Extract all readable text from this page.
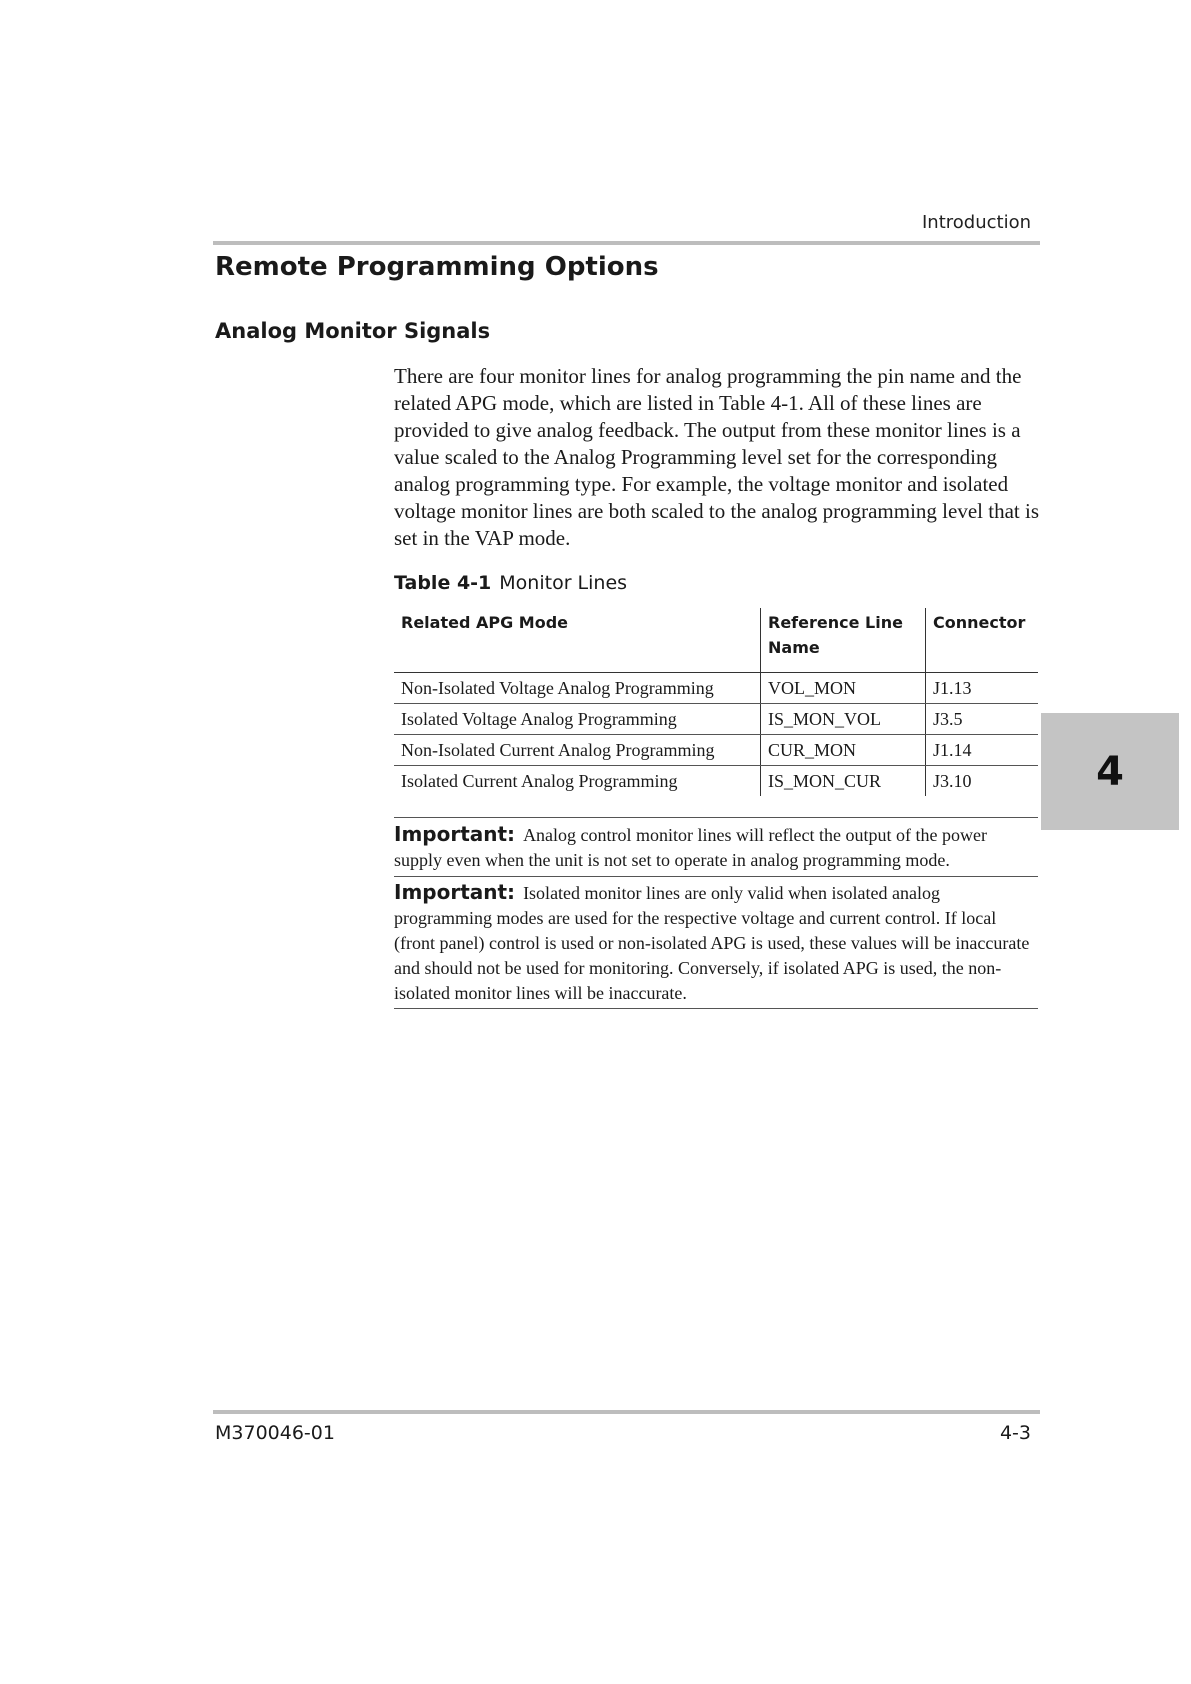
Introduction
Remote Programming Options
Analog Monitor Signals

There are four monitor lines for analog programming the pin name and the related APG mode, which are listed in Table 4-1. All of these lines are provided to give analog feedback. The output from these monitor lines is a value scaled to the Analog Programming level set for the corresponding analog programming type. For example, the voltage monitor and isolated voltage monitor lines are both scaled to the analog programming level that is set in the VAP mode.

Table 4-1 Monitor Lines
Related APG Mode	Reference Line Name	Connector
Non-Isolated Voltage Analog Programming	VOL_MON	J1.13
Isolated Voltage Analog Programming	IS_MON_VOL	J3.5
Non-Isolated Current Analog Programming	CUR_MON	J1.14
Isolated Current Analog Programming	IS_MON_CUR	J3.10

Important: Analog control monitor lines will reflect the output of the power supply even when the unit is not set to operate in analog programming mode.

Important: Isolated monitor lines are only valid when isolated analog programming modes are used for the respective voltage and current control. If local (front panel) control is used or non-isolated APG is used, these values will be inaccurate and should not be used for monitoring. Conversely, if isolated APG is used, the non-isolated monitor lines will be inaccurate.

4
M370046-01	4-3
